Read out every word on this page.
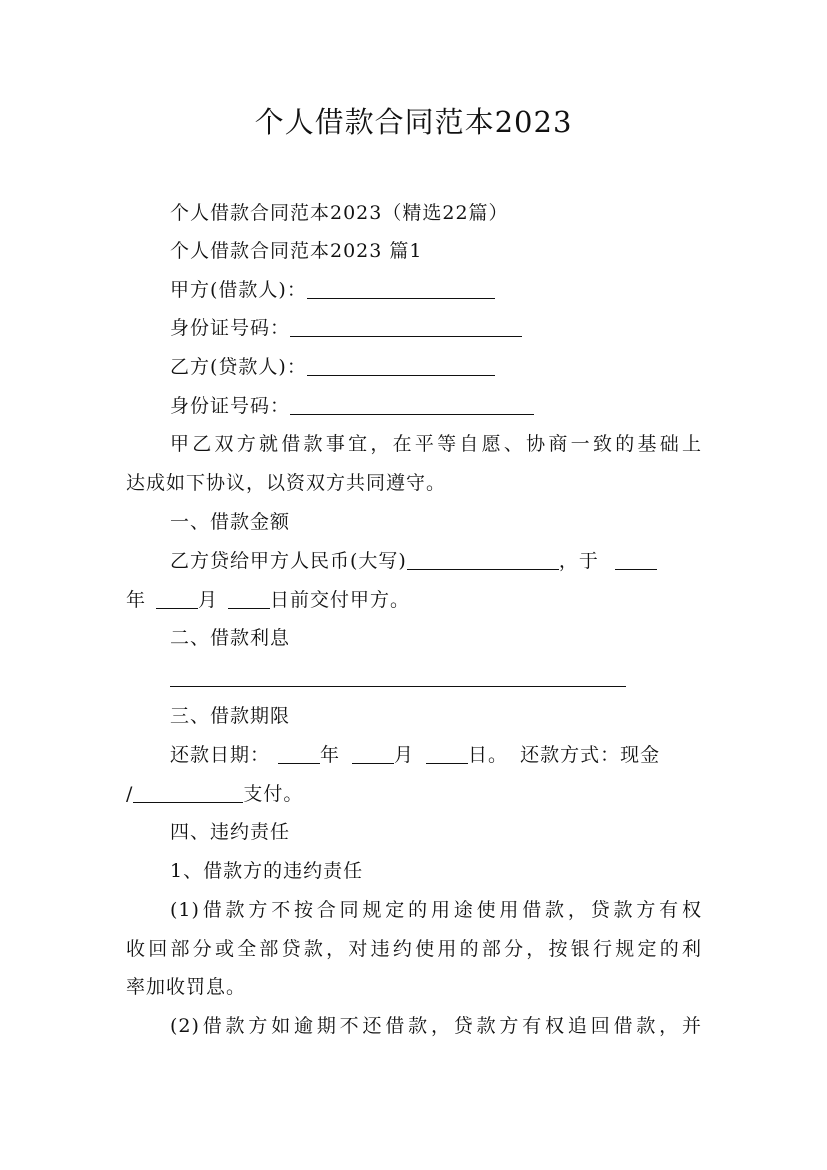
个人借款合同范本2023
个人借款合同范本2023（精选22篇）
个人借款合同范本2023 篇1
甲方(借款人)：
身份证号码：
乙方(贷款人)：
身份证号码：
甲乙双方就借款事宜，在平等自愿、协商一致的基础上
达成如下协议，以资双方共同遵守。
一、借款金额
乙方贷给甲方人民币(大写)	，于
年	月	日前交付甲方。
二、借款利息
三、借款期限
还款日期：	年	月	日。 还款方式：现金
/	支付。
四、违约责任
1、借款方的违约责任
(1)借款方不按合同规定的用途使用借款，贷款方有权
收回部分或全部贷款，对违约使用的部分，按银行规定的利
率加收罚息。
(2)借款方如逾期不还借款，贷款方有权追回借款，并
